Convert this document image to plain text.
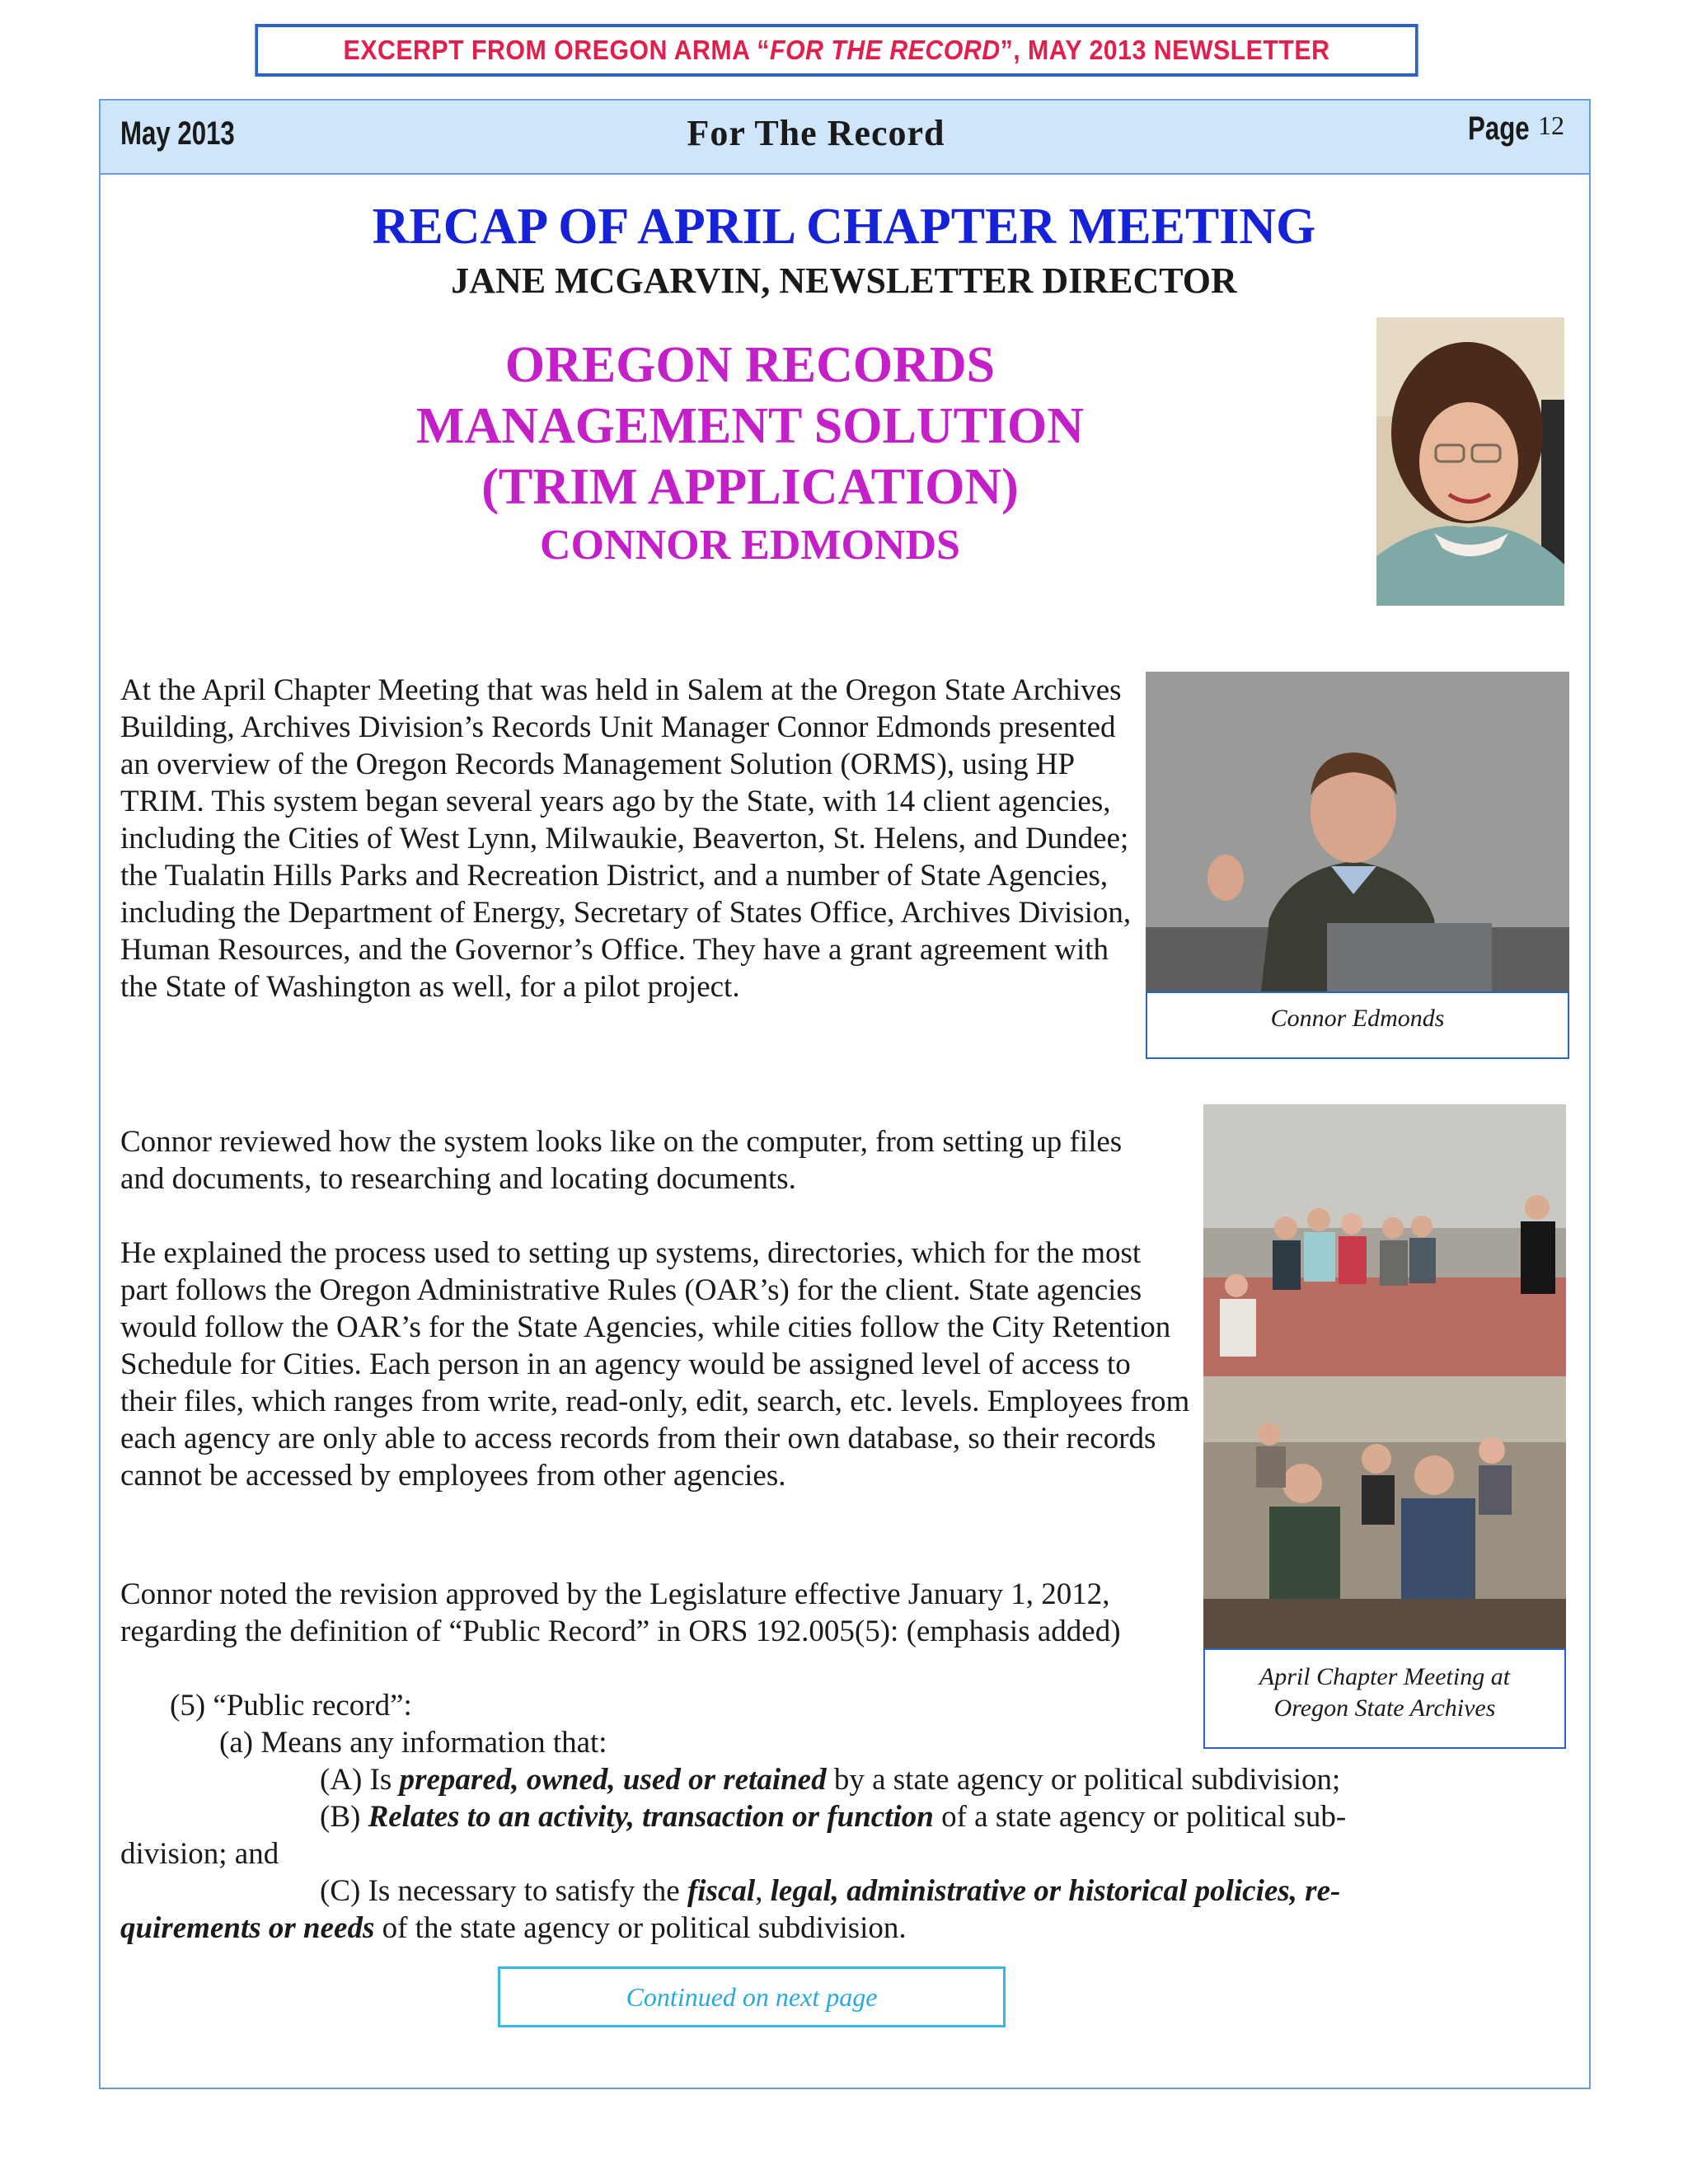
EXCERPT FROM OREGON ARMA “ FOR THE RECORD ”, MAY 2013 NEWSLETTER
May 2013	For The Record	Page 12
RECAP OF APRIL CHAPTER MEETING
JANE MCGARVIN, NEWSLETTER DIRECTOR
OREGON RECORDS
MANAGEMENT SOLUTION
(TRIM APPLICATION)
CONNOR EDMONDS
Connor Edmonds
April Chapter Meeting at
Oregon State Archives

At the April Chapter Meeting that was held in Salem at the Oregon State Archives Building, Archives Division’s Records Unit Manager Connor Edmonds presented an overview of the Oregon Records Management Solution (ORMS), using HP TRIM. This system began several years ago by the State, with 14 client agencies, including the Cities of West Lynn, Milwaukie, Beaverton, St. Helens, and Dundee; the Tualatin Hills Parks and Recreation District, and a number of State Agencies, including the Department of Energy, Secretary of States Office, Archives Division, Human Resources, and the Governor’s Office. They have a grant agreement with the State of Washington as well, for a pilot project.

Connor reviewed how the system looks like on the computer, from setting up files and documents, to researching and locating documents.

He explained the process used to setting up systems, directories, which for the most part follows the Oregon Administrative Rules (OAR’s) for the client. State agencies would follow the OAR’s for the State Agencies, while cities follow the City Retention Schedule for Cities. Each person in an agency would be assigned level of access to their files, which ranges from write, read-only, edit, search, etc. levels. Employees from each agency are only able to access records from their own database, so their records cannot be accessed by employees from other agencies.

Connor noted the revision approved by the Legislature effective January 1, 2012, regarding the definition of “Public Record” in ORS 192.005(5): (emphasis added)

(5) “Public record”:
(a) Means any information that:
(A) Is prepared, owned, used or retained by a state agency or political subdivision;
(B) Relates to an activity, transaction or function of a state agency or political sub-
division; and
(C) Is necessary to satisfy the fiscal, legal, administrative or historical policies, re-
quirements or needs of the state agency or political subdivision.
Continued on next page
